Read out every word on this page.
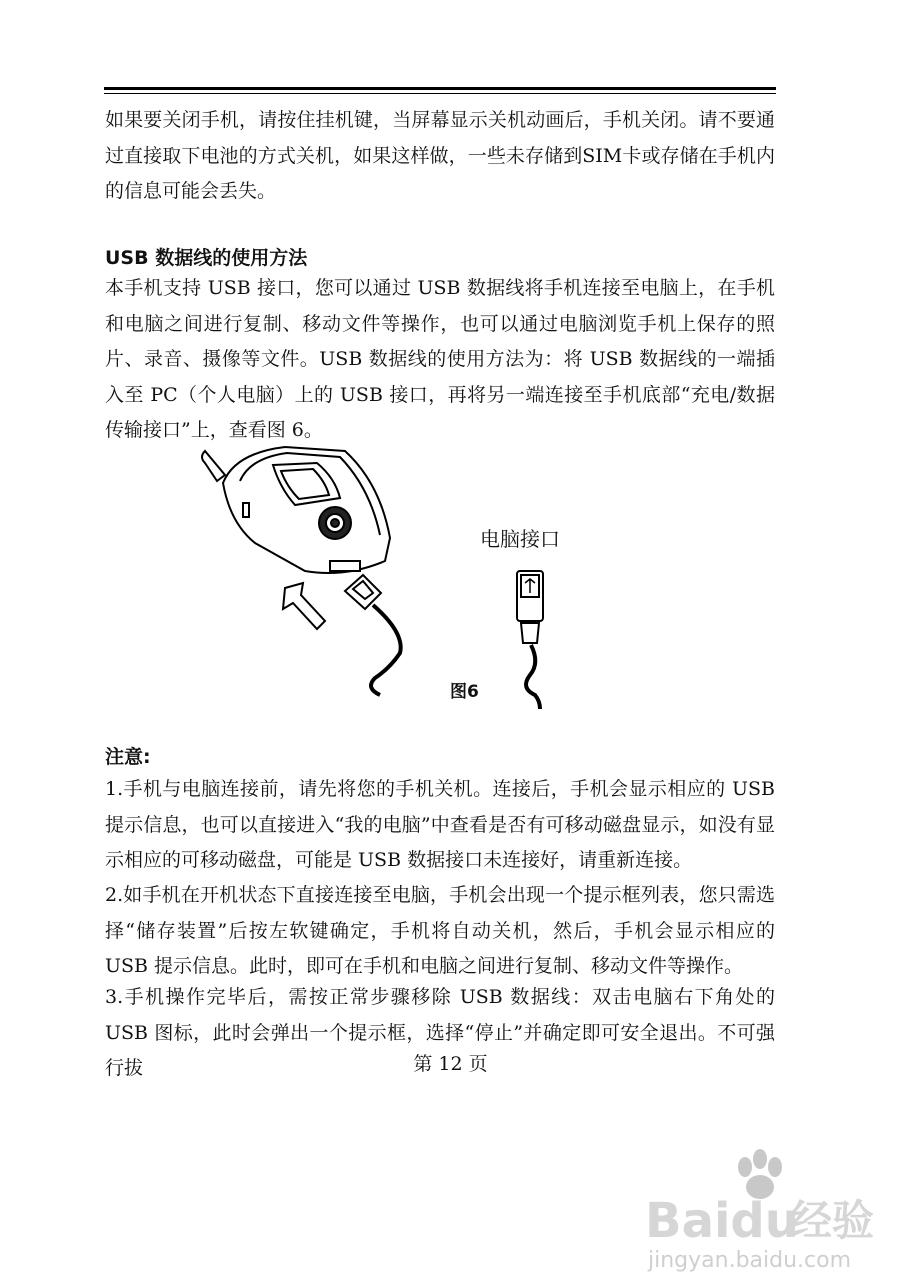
如果要关闭手机，请按住挂机键，当屏幕显示关机动画后，手机关闭。请不要通过直接取下电池的方式关机，如果这样做，一些未存储到SIM卡或存储在手机内的信息可能会丢失。

USB 数据线的使用方法

本手机支持 USB 接口，您可以通过 USB 数据线将手机连接至电脑上，在手机和电脑之间进行复制、移动文件等操作，也可以通过电脑浏览手机上保存的照片、录音、摄像等文件。USB 数据线的使用方法为：将 USB 数据线的一端插入至 PC（个人电脑）上的 USB 接口，再将另一端连接至手机底部“充电/数据传输接口”上，查看图 6。

电脑接口
图6

注意:

1.手机与电脑连接前，请先将您的手机关机。连接后，手机会显示相应的 USB 提示信息，也可以直接进入“我的电脑”中查看是否有可移动磁盘显示，如没有显示相应的可移动磁盘，可能是 USB 数据接口未连接好，请重新连接。

2.如手机在开机状态下直接连接至电脑，手机会出现一个提示框列表，您只需选择“储存装置”后按左软键确定，手机将自动关机，然后，手机会显示相应的 USB 提示信息。此时，即可在手机和电脑之间进行复制、移动文件等操作。

3.手机操作完毕后，需按正常步骤移除 USB 数据线：双击电脑右下角处的 USB 图标，此时会弹出一个提示框，选择“停止”并确定即可安全退出。不可强行拔	第 12 页
Baidu
经验
jingyan.baidu.com
